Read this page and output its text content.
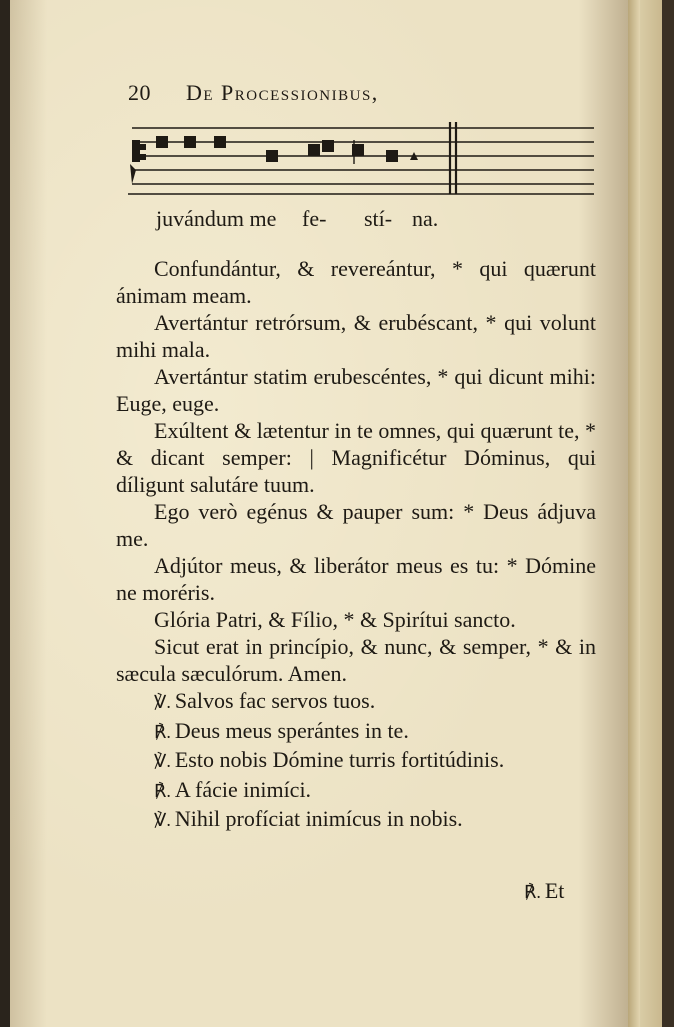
20 De Processionibus,
juvándum me fe- stí- na.

Confundántur, & revereántur, * qui quærunt ánimam meam.

Avertántur retrórsum, & erubéscant, * qui volunt mihi mala.

Avertántur statim erubescéntes, * qui dicunt mihi: Euge, euge.

Exúltent & lætentur in te omnes, qui quærunt te, * & dicant semper: | Magnificétur Dóminus, qui díligunt salutáre tuum.

Ego verò egénus & pauper sum: * Deus ádjuva me.

Adjútor meus, & liberátor meus es tu: * Dómine ne moréris.

Glória Patri, & Fílio, * & Spirítui sancto.

Sicut erat in princípio, & nunc, & semper, * & in sæcula sæculórum. Amen.

℣. Salvos fac servos tuos.

℟. Deus meus sperántes in te.

℣. Esto nobis Dómine turris fortitúdinis.

℟. A fácie inimíci.

℣. Nihil profíciat inimícus in nobis.

℟. Et
